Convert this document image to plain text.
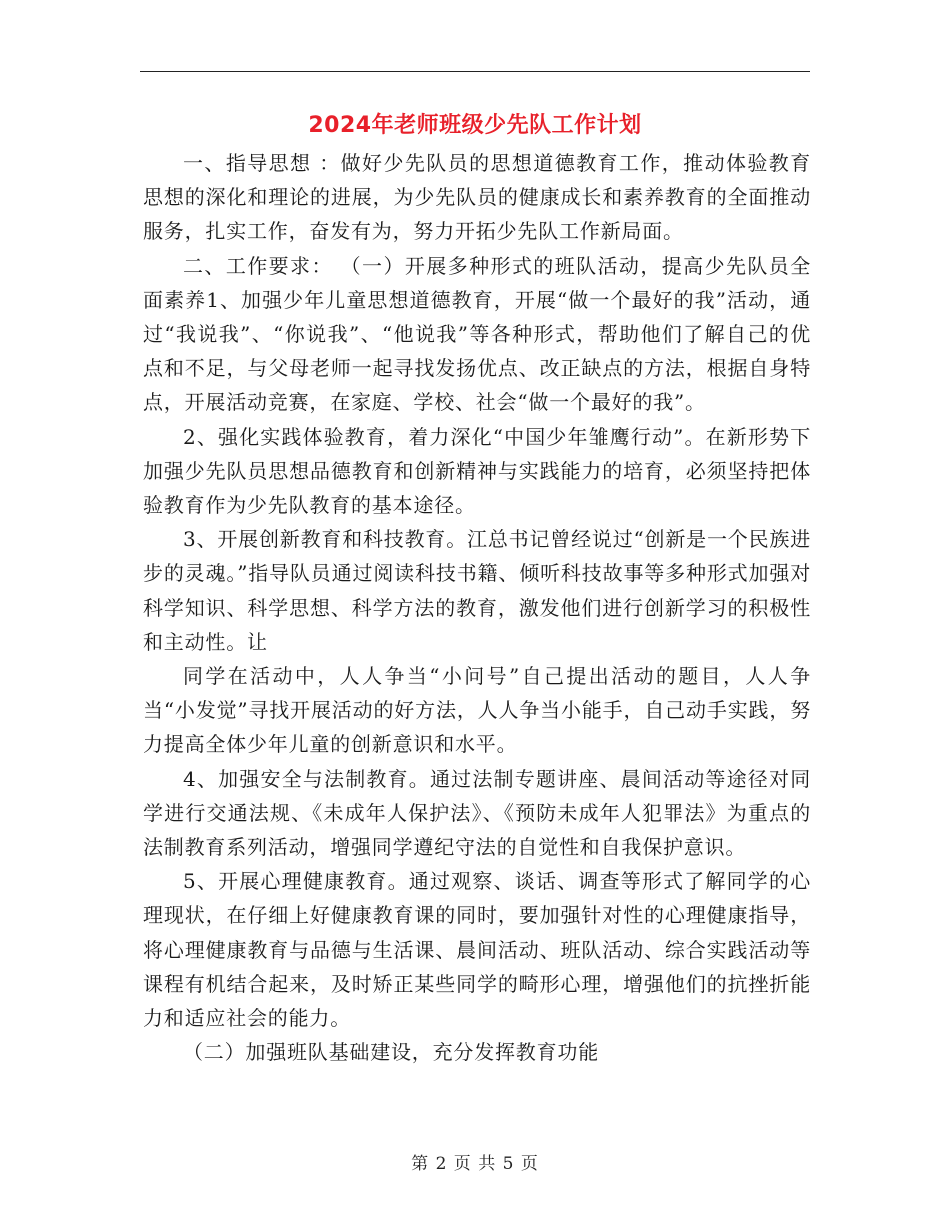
2024年老师班级少先队工作计划

一、指导思想 ：做好少先队员的思想道德教育工作，推动体验教育思想的深化和理论的进展，为少先队员的健康成长和素养教育的全面推动服务，扎实工作，奋发有为，努力开拓少先队工作新局面。

二、工作要求： （一）开展多种形式的班队活动，提高少先队员全面素养1、加强少年儿童思想道德教育，开展“做一个最好的我”活动，通过“我说我”、“你说我”、“他说我”等各种形式，帮助他们了解自己的优点和不足，与父母老师一起寻找发扬优点、改正缺点的方法，根据自身特点，开展活动竞赛，在家庭、学校、社会“做一个最好的我”。

2、强化实践体验教育，着力深化“中国少年雏鹰行动”。在新形势下加强少先队员思想品德教育和创新精神与实践能力的培育，必须坚持把体验教育作为少先队教育的基本途径。

3、开展创新教育和科技教育。江总书记曾经说过“创新是一个民族进步的灵魂。”指导队员通过阅读科技书籍、倾听科技故事等多种形式加强对科学知识、科学思想、科学方法的教育，激发他们进行创新学习的积极性和主动性。让

同学在活动中，人人争当“小问号”自己提出活动的题目，人人争当“小发觉”寻找开展活动的好方法，人人争当小能手，自己动手实践，努力提高全体少年儿童的创新意识和水平。

4、加强安全与法制教育。通过法制专题讲座、晨间活动等途径对同学进行交通法规、《未成年人保护法》、《预防未成年人犯罪法》为重点的法制教育系列活动，增强同学遵纪守法的自觉性和自我保护意识。

5、开展心理健康教育。通过观察、谈话、调查等形式了解同学的心理现状，在仔细上好健康教育课的同时，要加强针对性的心理健康指导，将心理健康教育与品德与生活课、晨间活动、班队活动、综合实践活动等课程有机结合起来，及时矫正某些同学的畸形心理，增强他们的抗挫折能力和适应社会的能力。

（二）加强班队基础建设，充分发挥教育功能

第 2 页 共 5 页
